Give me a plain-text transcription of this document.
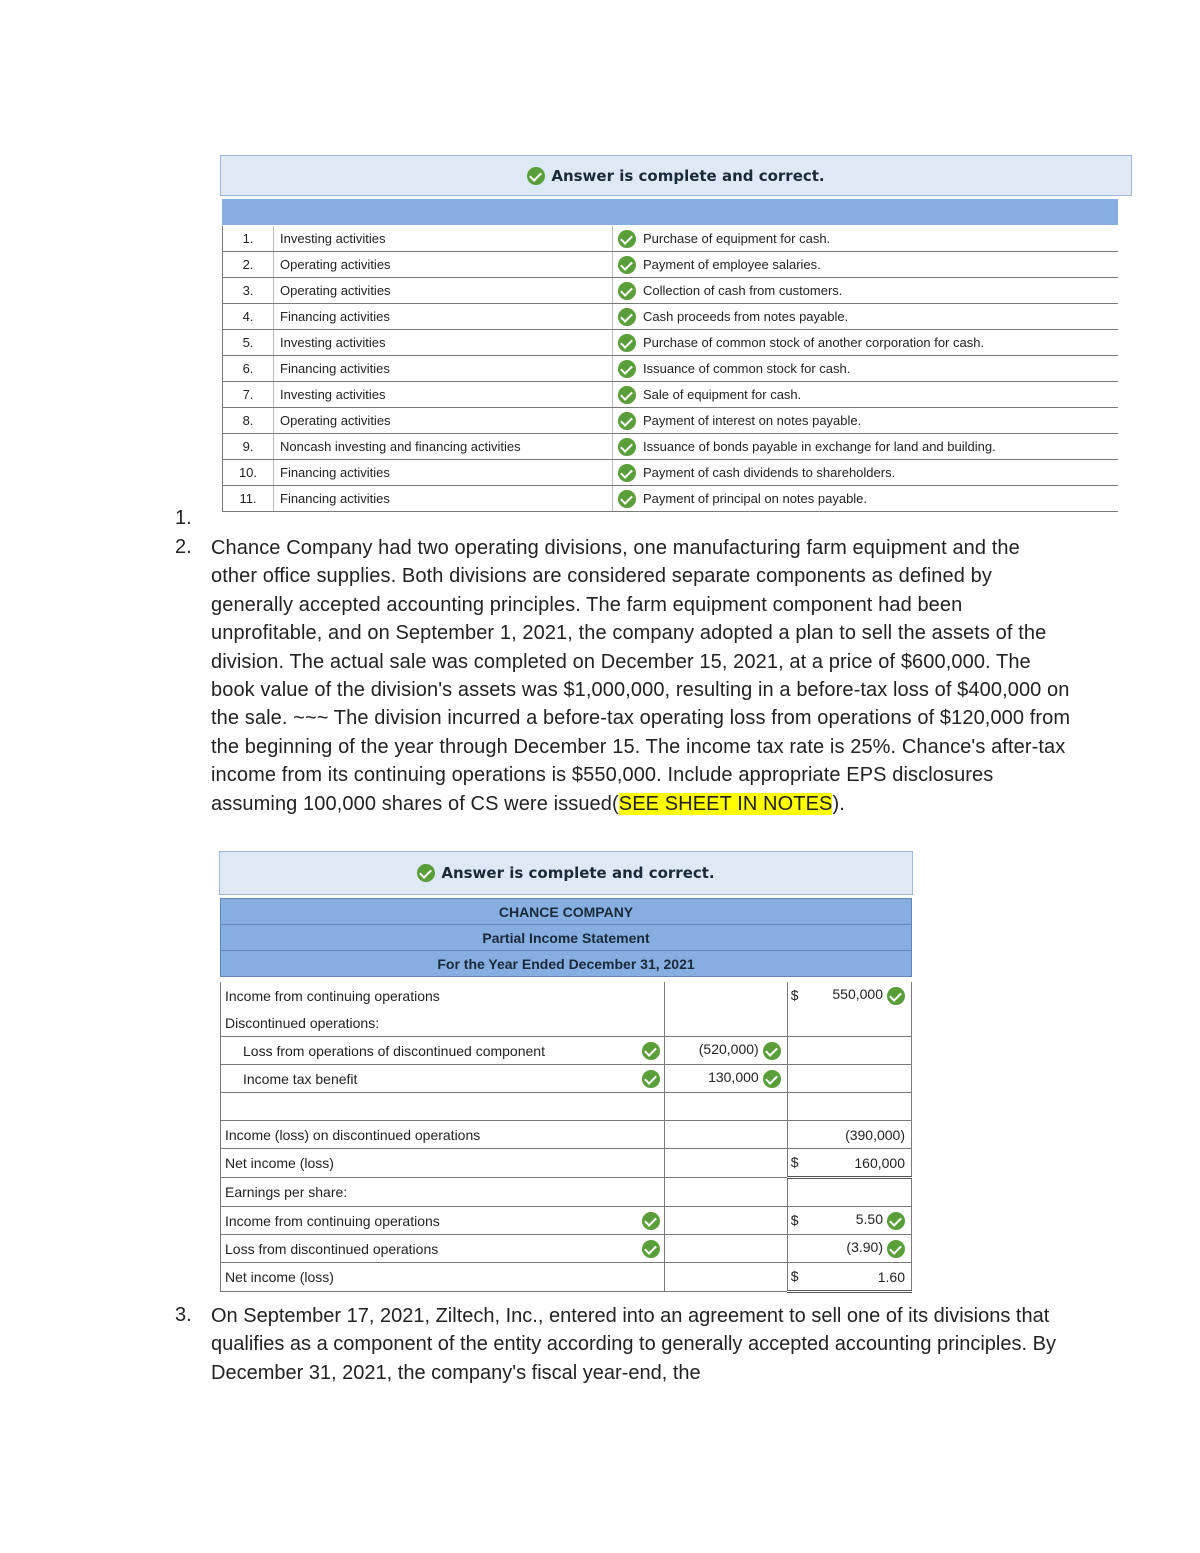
Answer is complete and correct.
1.	Investing activities		Purchase of equipment for cash.
2.	Operating activities		Payment of employee salaries.
3.	Operating activities		Collection of cash from customers.
4.	Financing activities		Cash proceeds from notes payable.
5.	Investing activities		Purchase of common stock of another corporation for cash.
6.	Financing activities		Issuance of common stock for cash.
7.	Investing activities		Sale of equipment for cash.
8.	Operating activities		Payment of interest on notes payable.
9.	Noncash investing and financing activities		Issuance of bonds payable in exchange for land and building.
10.	Financing activities		Payment of cash dividends to shareholders.
11.	Financing activities		Payment of principal on notes payable.
1.
2. Chance Company had two operating divisions, one manufacturing farm equipment and the other office supplies. Both divisions are considered separate components as defined by generally accepted accounting principles. The farm equipment component had been unprofitable, and on September 1, 2021, the company adopted a plan to sell the assets of the division. The actual sale was completed on December 15, 2021, at a price of $600,000. The book value of the division's assets was $1,000,000, resulting in a before-tax loss of $400,000 on the sale. ~~~ The division incurred a before-tax operating loss from operations of $120,000 from the beginning of the year through December 15. The income tax rate is 25%. Chance's after-tax income from its continuing operations is $550,000. Include appropriate EPS disclosures assuming 100,000 shares of CS were issued(SEE SHEET IN NOTES).
Answer is complete and correct.
CHANCE COMPANY
Partial Income Statement
For the Year Ended December 31, 2021
Income from continuing operations			$ 550,000
Discontinued operations:			
Loss from operations of discontinued component		(520,000)	
Income tax benefit		130,000	

Income (loss) on discontinued operations			(390,000)
Net income (loss)			$ 160,000
Earnings per share:			
Income from continuing operations			$ 5.50
Loss from discontinued operations			(3.90)
Net income (loss)			$ 1.60
3. On September 17, 2021, Ziltech, Inc., entered into an agreement to sell one of its divisions that qualifies as a component of the entity according to generally accepted accounting principles. By December 31, 2021, the company's fiscal year-end, the
